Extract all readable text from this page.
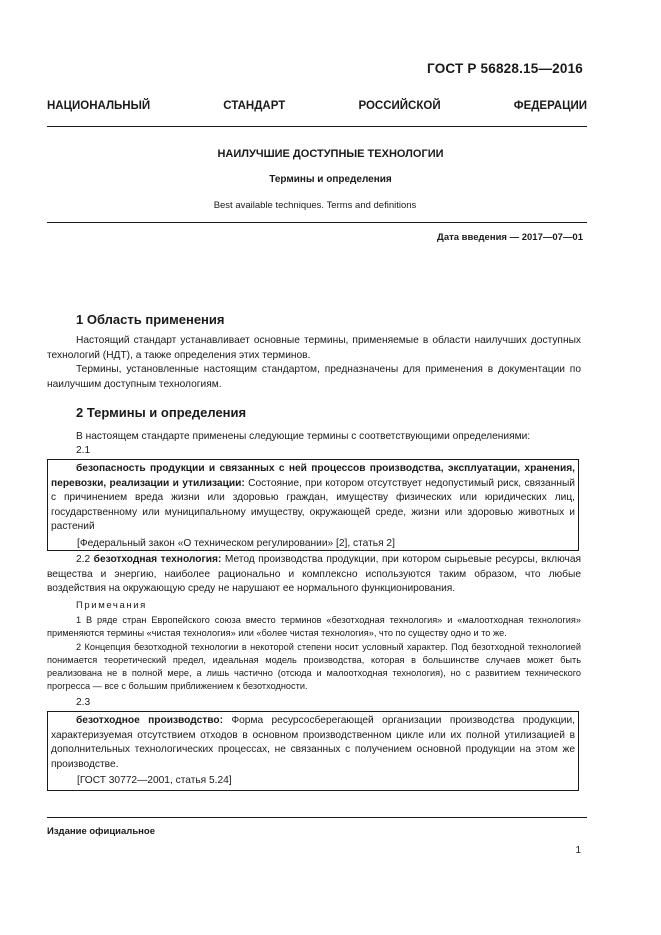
ГОСТ Р 56828.15—2016
НАЦИОНАЛЬНЫЙ СТАНДАРТ РОССИЙСКОЙ ФЕДЕРАЦИИ
НАИЛУЧШИЕ ДОСТУПНЫЕ ТЕХНОЛОГИИ
Термины и определения
Best available techniques. Terms and definitions
Дата введения — 2017—07—01
1 Область применения
Настоящий стандарт устанавливает основные термины, применяемые в области наилучших доступных технологий (НДТ), а также определения этих терминов.
Термины, установленные настоящим стандартом, предназначены для применения в документации по наилучшим доступным технологиям.
2 Термины и определения
В настоящем стандарте применены следующие термины с соответствующими определениями:
2.1

безопасность продукции и связанных с ней процессов производства, эксплуатации, хранения, перевозки, реализации и утилизации: Состояние, при котором отсутствует недопустимый риск, связанный с причинением вреда жизни или здоровью граждан, имуществу физических или юридических лиц, государственному или муниципальному имуществу, окружающей среде, жизни или здоровью животных и растений

[Федеральный закон «О техническом регулировании» [2], статья 2]
2.2 безотходная технология: Метод производства продукции, при котором сырьевые ресурсы, включая вещества и энергию, наиболее рационально и комплексно используются таким образом, что любые воздействия на окружающую среду не нарушают ее нормального функционирования.
Примечания
1 В ряде стран Европейского союза вместо терминов «безотходная технология» и «малоотходная технология» применяются термины «чистая технология» или «более чистая технология», что по существу одно и то же.
2 Концепция безотходной технологии в некоторой степени носит условный характер. Под безотходной технологией понимается теоретический предел, идеальная модель производства, которая в большинстве случаев может быть реализована не в полной мере, а лишь частично (отсюда и малоотходная технология), но с развитием технического прогресса — все с большим приближением к безотходности.
2.3

безотходное производство: Форма ресурсосберегающей организации производства продукции, характеризуемая отсутствием отходов в основном производственном цикле или их полной утилизацией в дополнительных технологических процессах, не связанных с получением основной продукции на этом же производстве.

[ГОСТ 30772—2001, статья 5.24]
Издание официальное
1
